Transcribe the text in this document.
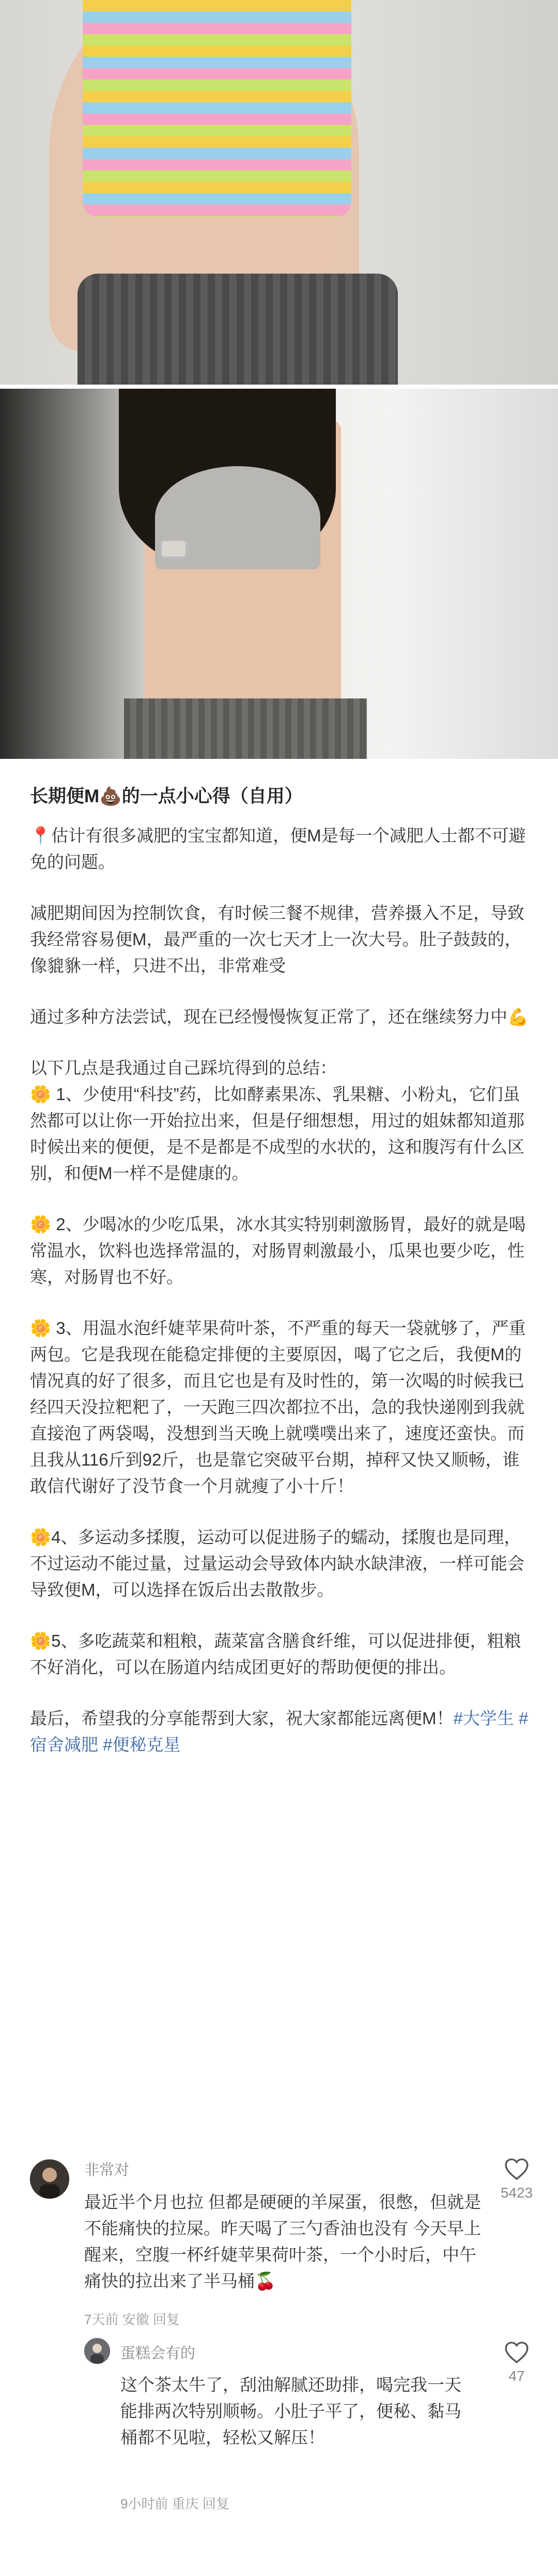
长期便M💩的一点小心得（自用）
📍估计有很多减肥的宝宝都知道，便M是每一个减肥人士都不可避免的问题。
减肥期间因为控制饮食，有时候三餐不规律，营养摄入不足，导致我经常容易便M，最严重的一次七天才上一次大号。肚子鼓鼓的，像貔貅一样，只进不出，非常难受
通过多种方法尝试，现在已经慢慢恢复正常了，还在继续努力中💪
以下几点是我通过自己踩坑得到的总结：
🌼 1、少使用“科技”药，比如酵素果冻、乳果糖、小粉丸，它们虽然都可以让你一开始拉出来，但是仔细想想，用过的姐妹都知道那时候出来的便便，是不是都是不成型的水状的，这和腹泻有什么区别，和便M一样不是健康的。
🌼 2、少喝冰的少吃瓜果，冰水其实特别刺激肠胃，最好的就是喝常温水，饮料也选择常温的，对肠胃刺激最小，瓜果也要少吃，性寒，对肠胃也不好。
🌼 3、用温水泡纤婕苹果荷叶茶，不严重的每天一袋就够了，严重两包。它是我现在能稳定排便的主要原因，喝了它之后，我便M的情况真的好了很多，而且它也是有及时性的，第一次喝的时候我已经四天没拉粑粑了，一天跑三四次都拉不出，急的我快递刚到我就直接泡了两袋喝，没想到当天晚上就噗噗出来了，速度还蛮快。而且我从116斤到92斤，也是靠它突破平台期，掉秤又快又顺畅，谁敢信代谢好了没节食一个月就瘦了小十斤！
🌼4、多运动多揉腹，运动可以促进肠子的蠕动，揉腹也是同理，不过运动不能过量，过量运动会导致体内缺水缺津液，一样可能会导致便M，可以选择在饭后出去散散步。
🌼5、多吃蔬菜和粗粮，蔬菜富含膳食纤维，可以促进排便，粗粮不好消化，可以在肠道内结成团更好的帮助便便的排出。
最后，希望我的分享能帮到大家，祝大家都能远离便M！#大学生 #宿舍减肥 #便秘克星
非常对
最近半个月也拉 但都是硬硬的羊屎蛋，很憋，但就是不能痛快的拉屎。昨天喝了三勺香油也没有 今天早上醒来，空腹一杯纤婕苹果荷叶茶，一个小时后，中午痛快的拉出来了半马桶🍒
7天前 安徽 回复
5423
蛋糕会有的
这个茶太牛了，刮油解腻还助排，喝完我一天能排两次特别顺畅。小肚子平了，便秘、黏马桶都不见啦，轻松又解压！
9小时前 重庆 回复
47
